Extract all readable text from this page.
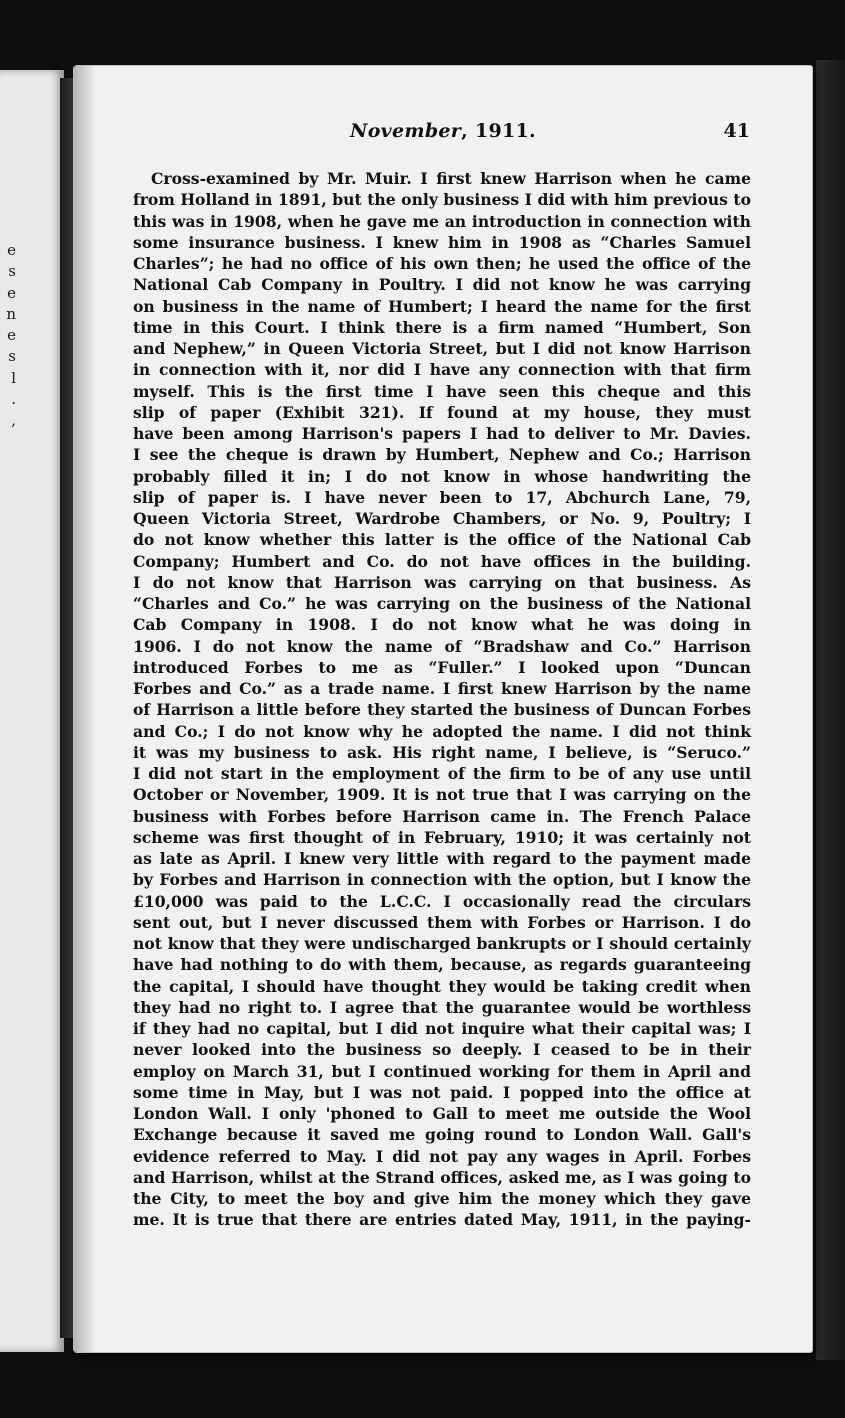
e
s
e
n
e
s
l
.
,
November, 1911.	41
Cross-examined by Mr. Muir. I first knew Harrison when he came
from Holland in 1891, but the only business I did with him previous to
this was in 1908, when he gave me an introduction in connection with
some insurance business. I knew him in 1908 as “Charles Samuel
Charles”; he had no office of his own then; he used the office of the
National Cab Company in Poultry. I did not know he was carrying
on business in the name of Humbert; I heard the name for the first
time in this Court. I think there is a firm named “Humbert, Son
and Nephew,” in Queen Victoria Street, but I did not know Harrison
in connection with it, nor did I have any connection with that firm
myself. This is the first time I have seen this cheque and this
slip of paper (Exhibit 321). If found at my house, they must
have been among Harrison's papers I had to deliver to Mr. Davies.
I see the cheque is drawn by Humbert, Nephew and Co.; Harrison
probably filled it in; I do not know in whose handwriting the
slip of paper is. I have never been to 17, Abchurch Lane, 79,
Queen Victoria Street, Wardrobe Chambers, or No. 9, Poultry; I
do not know whether this latter is the office of the National Cab
Company; Humbert and Co. do not have offices in the building.
I do not know that Harrison was carrying on that business. As
“Charles and Co.” he was carrying on the business of the National
Cab Company in 1908. I do not know what he was doing in
1906. I do not know the name of “Bradshaw and Co.” Harrison
introduced Forbes to me as “Fuller.” I looked upon “Duncan
Forbes and Co.” as a trade name. I first knew Harrison by the name
of Harrison a little before they started the business of Duncan Forbes
and Co.; I do not know why he adopted the name. I did not think
it was my business to ask. His right name, I believe, is “Seruco.”
I did not start in the employment of the firm to be of any use until
October or November, 1909. It is not true that I was carrying on the
business with Forbes before Harrison came in. The French Palace
scheme was first thought of in February, 1910; it was certainly not
as late as April. I knew very little with regard to the payment made
by Forbes and Harrison in connection with the option, but I know the
£10,000 was paid to the L.C.C. I occasionally read the circulars
sent out, but I never discussed them with Forbes or Harrison. I do
not know that they were undischarged bankrupts or I should certainly
have had nothing to do with them, because, as regards guaranteeing
the capital, I should have thought they would be taking credit when
they had no right to. I agree that the guarantee would be worthless
if they had no capital, but I did not inquire what their capital was; I
never looked into the business so deeply. I ceased to be in their
employ on March 31, but I continued working for them in April and
some time in May, but I was not paid. I popped into the office at
London Wall. I only 'phoned to Gall to meet me outside the Wool
Exchange because it saved me going round to London Wall. Gall's
evidence referred to May. I did not pay any wages in April. Forbes
and Harrison, whilst at the Strand offices, asked me, as I was going to
the City, to meet the boy and give him the money which they gave
me. It is true that there are entries dated May, 1911, in the paying-
